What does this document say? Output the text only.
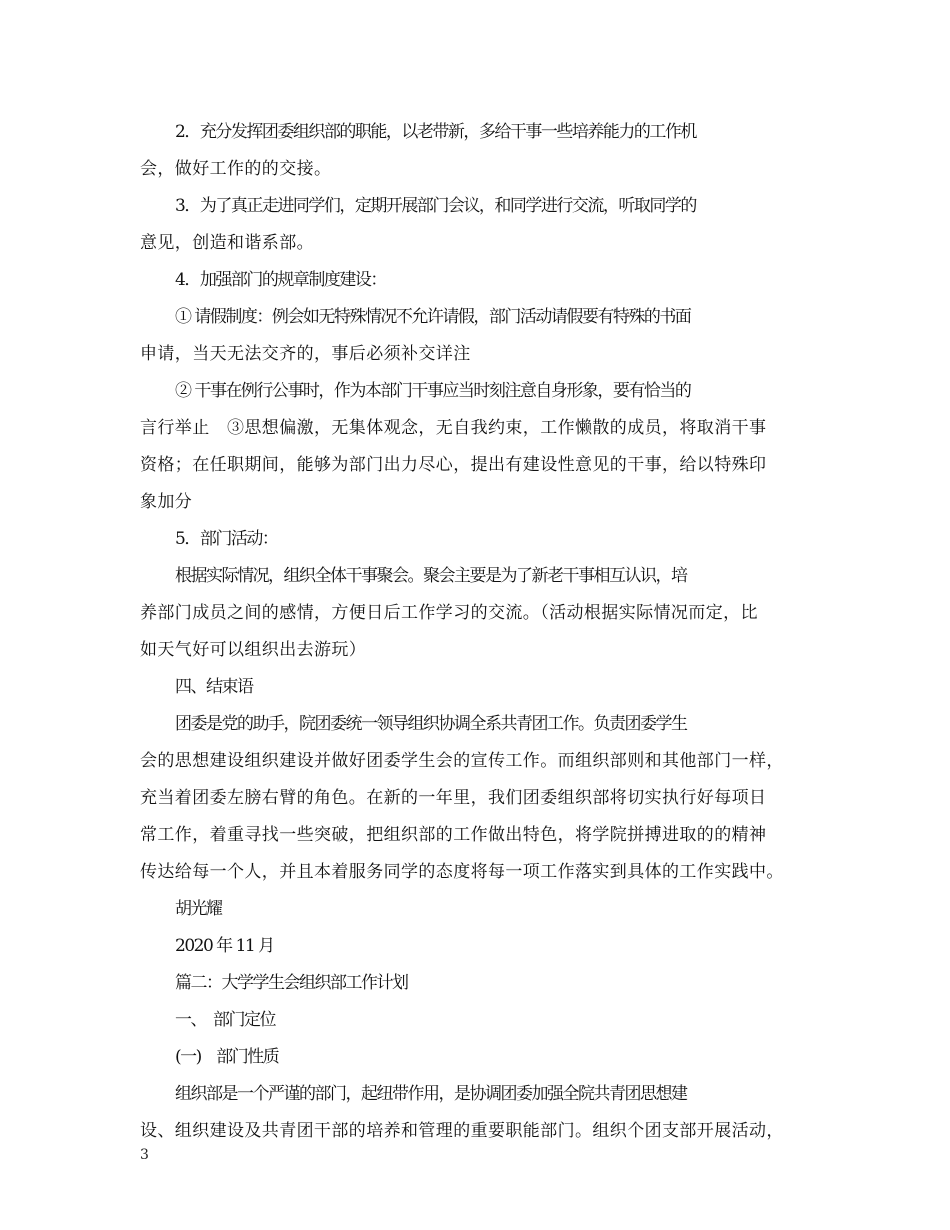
2．充分发挥团委组织部的职能，以老带新，多给干事一些培养能力的工作机

会，做好工作的的交接。

3．为了真正走进同学们，定期开展部门会议，和同学进行交流，听取同学的

意见，创造和谐系部。

4．加强部门的规章制度建设：

① 请假制度：例会如无特殊情况不允许请假，部门活动请假要有特殊的书面

申请，当天无法交齐的，事后必须补交详注

② 干事在例行公事时，作为本部门干事应当时刻注意自身形象，要有恰当的

言行举止　③思想偏激，无集体观念，无自我约束，工作懒散的成员，将取消干事

资格；在任职期间，能够为部门出力尽心，提出有建设性意见的干事，给以特殊印

象加分

5．部门活动：

根据实际情况，组织全体干事聚会。聚会主要是为了新老干事相互认识，培

养部门成员之间的感情，方便日后工作学习的交流。（活动根据实际情况而定，比

如天气好可以组织出去游玩）

四、结束语

团委是党的助手，院团委统一领导组织协调全系共青团工作。负责团委学生

会的思想建设组织建设并做好团委学生会的宣传工作。而组织部则和其他部门一样，

充当着团委左膀右臂的角色。在新的一年里，我们团委组织部将切实执行好每项日

常工作，着重寻找一些突破，把组织部的工作做出特色，将学院拼搏进取的的精神

传达给每一个人，并且本着服务同学的态度将每一项工作落实到具体的工作实践中。

胡光耀

2020 年 11 月

篇二：大学学生会组织部工作计划

一、　部门定位

(一)　部门性质

组织部是一个严谨的部门，起纽带作用，是协调团委加强全院共青团思想建

设、组织建设及共青团干部的培养和管理的重要职能部门。组织个团支部开展活动，

3
